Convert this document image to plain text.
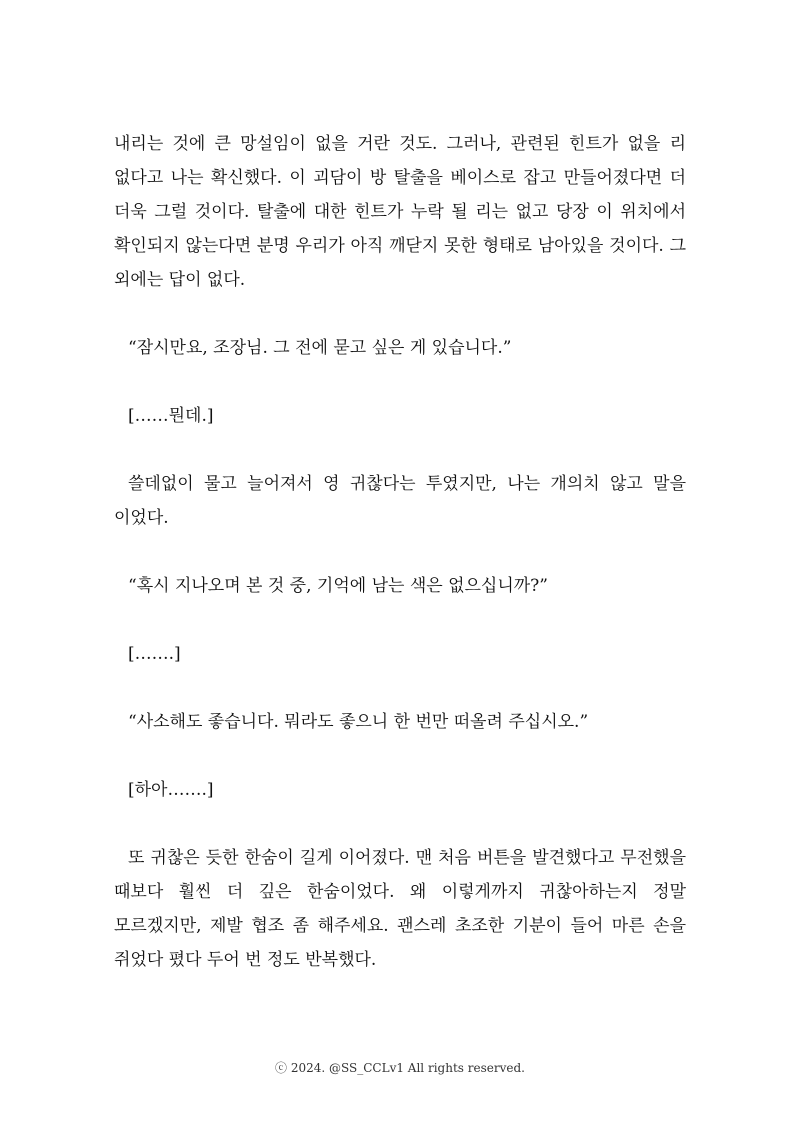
내리는 것에 큰 망설임이 없을 거란 것도. 그러나, 관련된 힌트가 없을 리 없다고 나는 확신했다. 이 괴담이 방 탈출을 베이스로 잡고 만들어졌다면 더 더욱 그럴 것이다. 탈출에 대한 힌트가 누락 될 리는 없고 당장 이 위치에서 확인되지 않는다면 분명 우리가 아직 깨닫지 못한 형태로 남아있을 것이다. 그 외에는 답이 없다.

“잠시만요, 조장님. 그 전에 묻고 싶은 게 있습니다.”

[……뭔데.]

쓸데없이 물고 늘어져서 영 귀찮다는 투였지만, 나는 개의치 않고 말을 이었다.

“혹시 지나오며 본 것 중, 기억에 남는 색은 없으십니까?”

[…….]

“사소해도 좋습니다. 뭐라도 좋으니 한 번만 떠올려 주십시오.”

[하아…….]

또 귀찮은 듯한 한숨이 길게 이어졌다. 맨 처음 버튼을 발견했다고 무전했을 때보다 훨씬 더 깊은 한숨이었다. 왜 이렇게까지 귀찮아하는지 정말 모르겠지만, 제발 협조 좀 해주세요. 괜스레 초조한 기분이 들어 마른 손을 쥐었다 폈다 두어 번 정도 반복했다.

ⓒ 2024. @SS_CCLv1 All rights reserved.
